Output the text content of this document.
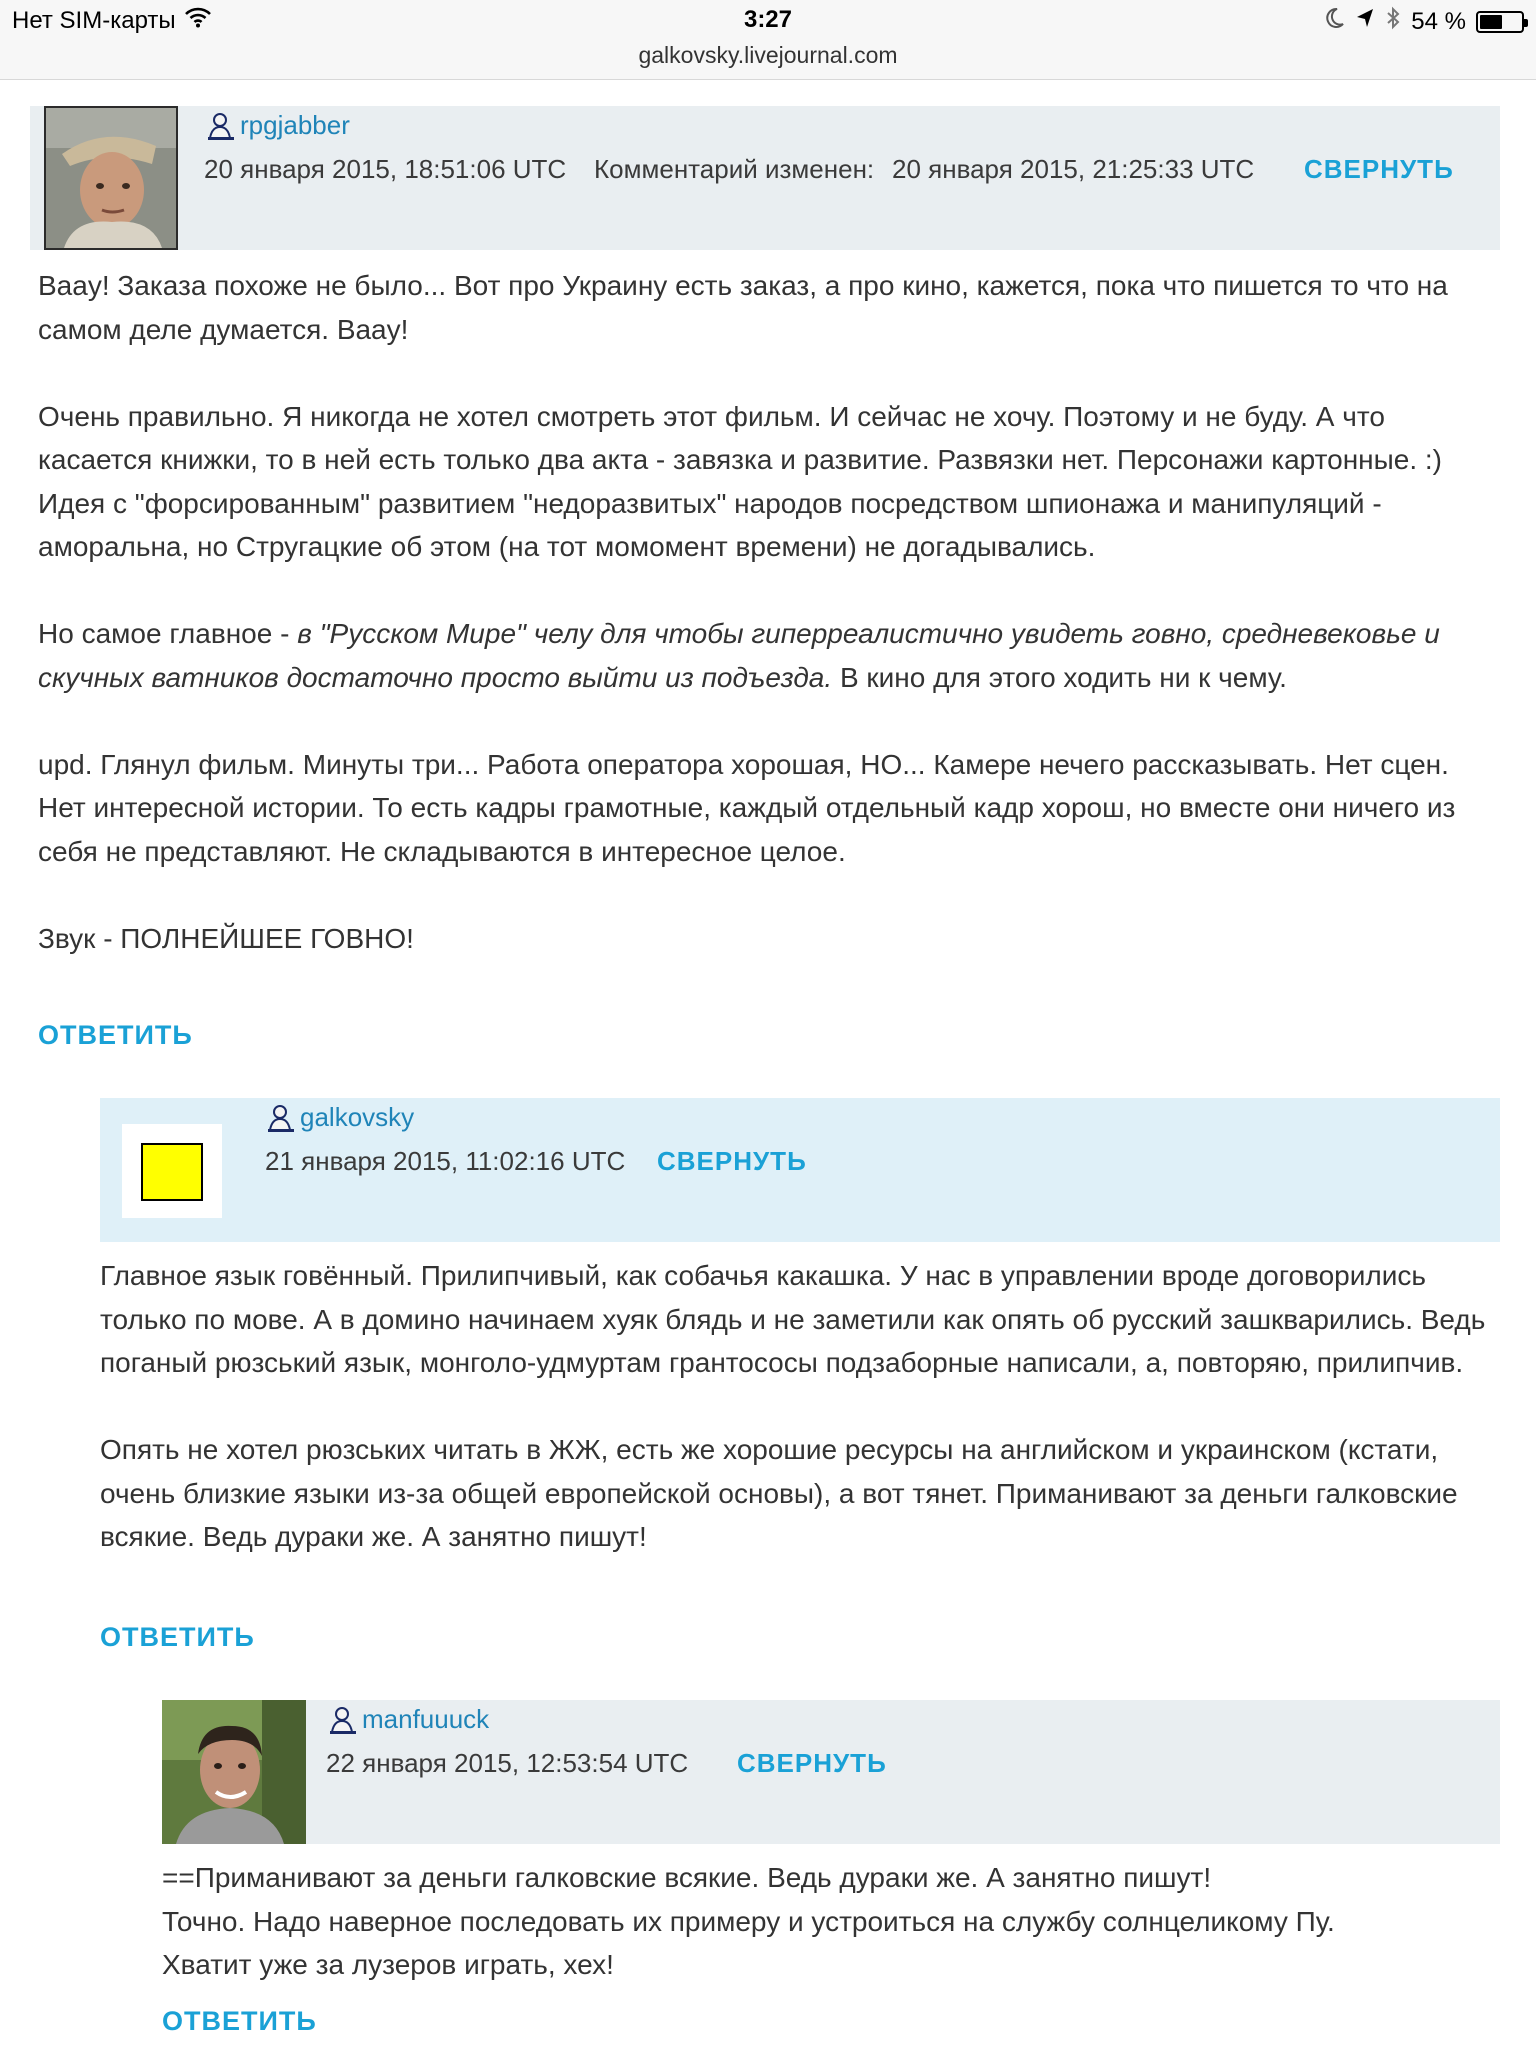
Нет SIM-карты	3:27
galkovsky.livejournal.com
54 %
rpgjabber
20 января 2015, 18:51:06 UTC Комментарий изменен: 20 января 2015, 21:25:33 UTC СВЕРНУТЬ

Вааy! Заказа похоже не было... Вот про Украину есть заказ, а про кино, кажется, пока что пишется то что на самом деле думается. Вааy!

Очень правильно. Я никогда не хотел смотреть этот фильм. И сейчас не хочу. Поэтому и не буду. А что касается книжки, то в ней есть только два акта - завязка и развитие. Развязки нет. Персонажи картонные. :) Идея с "форсированным" развитием "недоразвитых" народов посредством шпионажа и манипуляций - аморальна, но Стругацкие об этом (на тот момомент времени) не догадывались.

Но самое главное - в "Русском Мире" челу для чтобы гиперреалистично увидеть говно, средневековье и скучных ватников достаточно просто выйти из подъезда. В кино для этого ходить ни к чему.

upd. Глянул фильм. Минуты три... Работа оператора хорошая, НО... Камере нечего рассказывать. Нет сцен. Нет интересной истории. То есть кадры грамотные, каждый отдельный кадр хорош, но вместе они ничего из себя не представляют. Не складываются в интересное целое.

Звук - ПОЛНЕЙШЕЕ ГОВНО!

ОТВЕТИТЬ
galkovsky
21 января 2015, 11:02:16 UTC СВЕРНУТЬ

Главное язык говённый. Прилипчивый, как собачья какашка. У нас в управлении вроде договорились только по мове. А в домино начинаем хуяк блядь и не заметили как опять об русский зашкварились. Ведь поганый рюзський язык, монголо-удмуртам грантососы подзаборные написали, а, повторяю, прилипчив.

Опять не хотел рюзських читать в ЖЖ, есть же хорошие ресурсы на английском и украинском (кстати, очень близкие языки из-за общей европейской основы), а вот тянет. Приманивают за деньги галковские всякие. Ведь дураки же. А занятно пишут!

ОТВЕТИТЬ
manfuuuck
22 января 2015, 12:53:54 UTC СВЕРНУТЬ
==Приманивают за деньги галковские всякие. Ведь дураки же. А занятно пишут!
Точно. Надо наверное последовать их примеру и устроиться на службу солнцеликому Пу.
Хватит уже за лузеров играть, хех!
ОТВЕТИТЬ
